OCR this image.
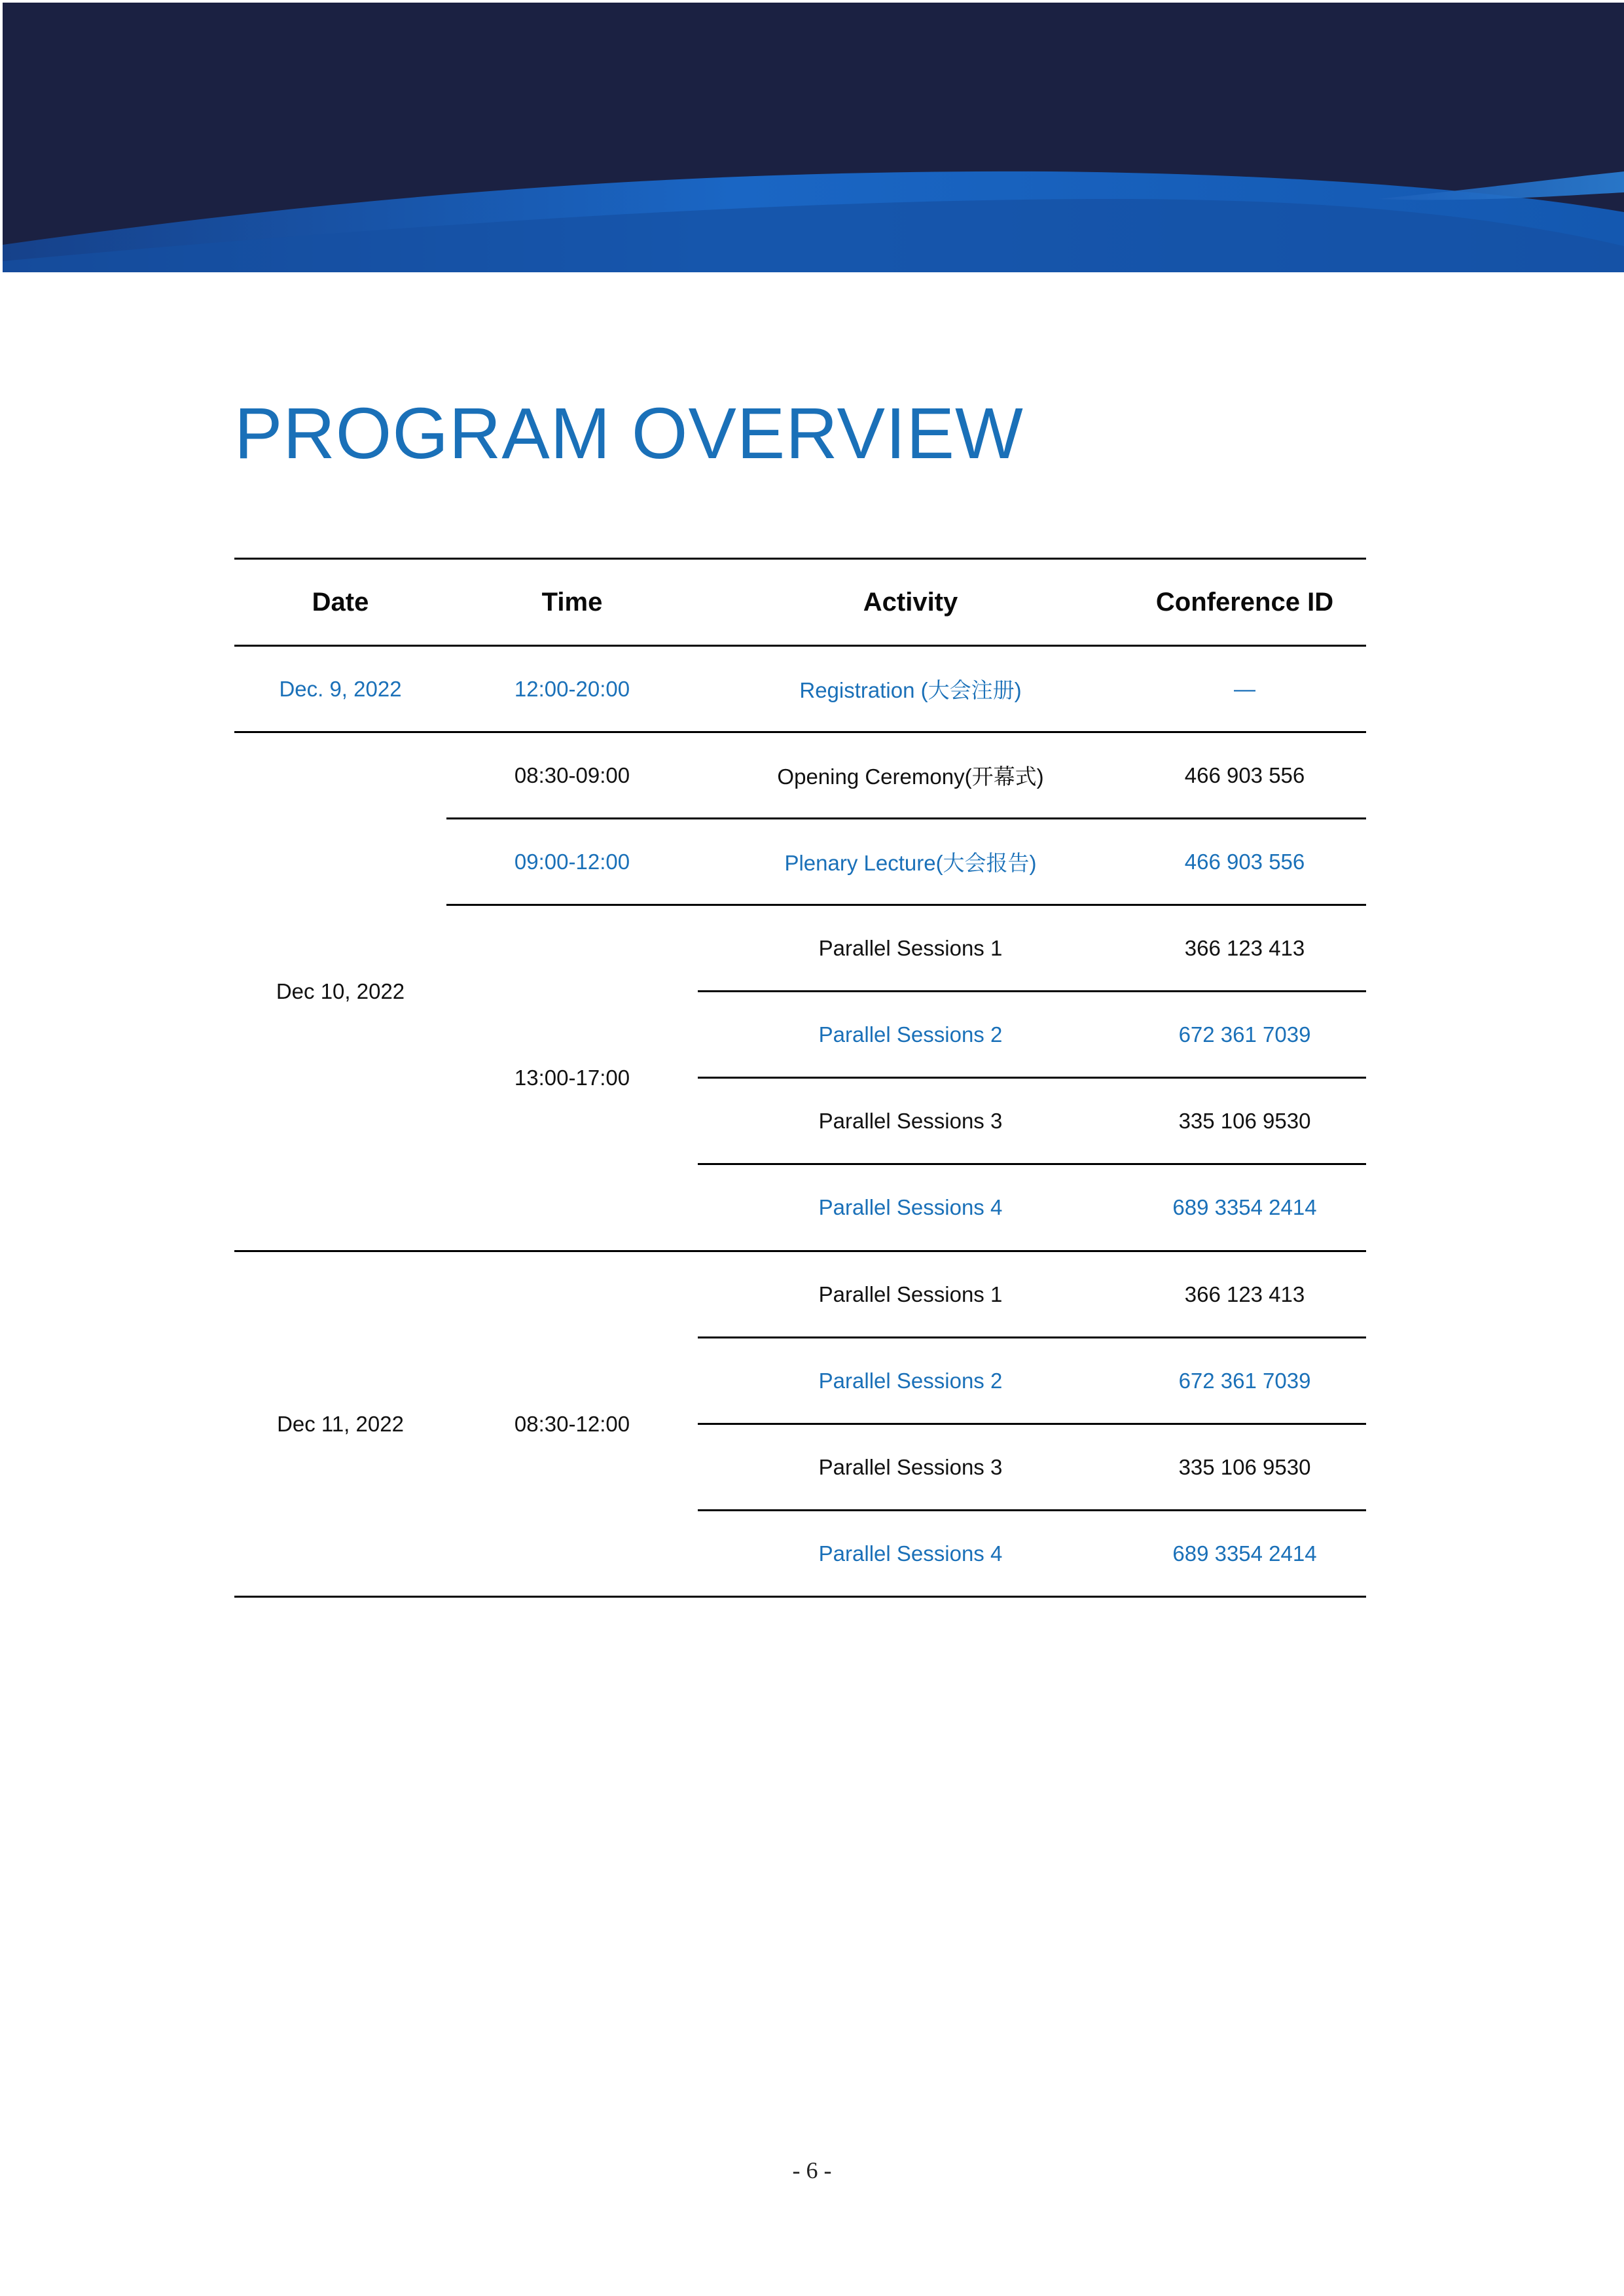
PROGRAM OVERVIEW
Date	Time	Activity	Conference ID
Dec. 9, 2022	12:00-20:00	Registration (大会注册)	—
Dec 10, 2022
08:30-09:00	Opening Ceremony(开幕式)	466 903 556
09:00-12:00	Plenary Lecture(大会报告)	466 903 556
13:00-17:00
Parallel Sessions 1	366 123 413
Parallel Sessions 2	672 361 7039
Parallel Sessions 3	335 106 9530
Parallel Sessions 4	689 3354 2414
Dec 11, 2022	08:30-12:00
Parallel Sessions 1	366 123 413
Parallel Sessions 2	672 361 7039
Parallel Sessions 3	335 106 9530
Parallel Sessions 4	689 3354 2414
- 6 -
